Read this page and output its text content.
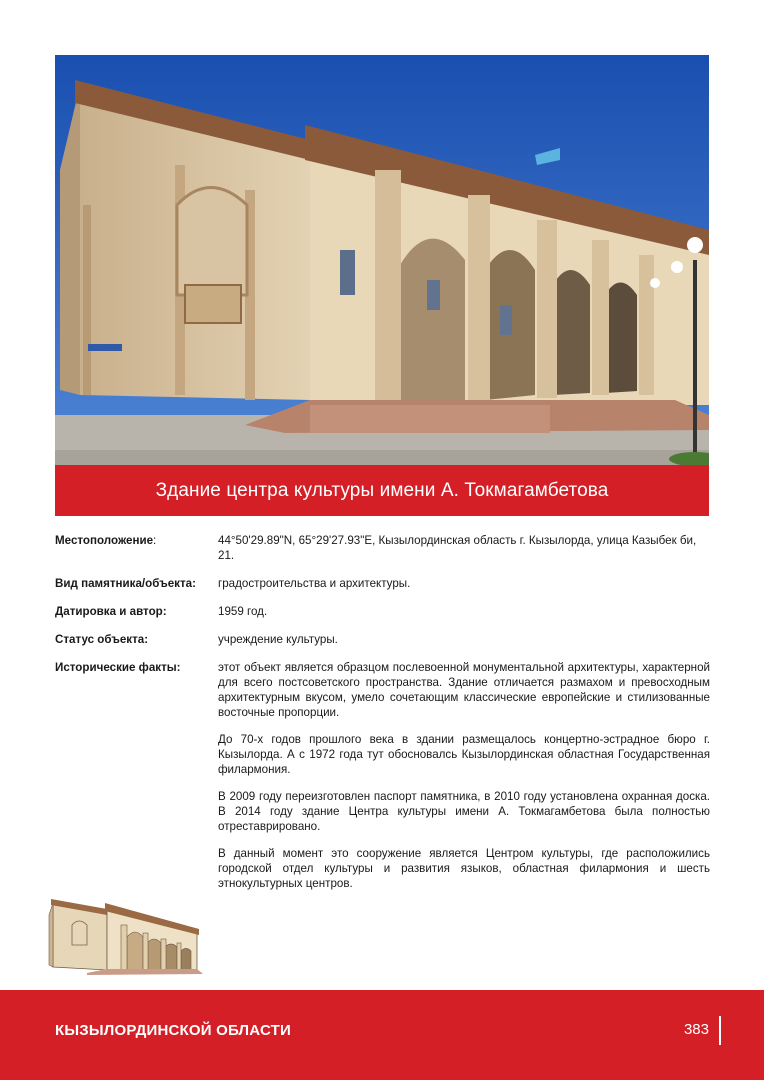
Здание центра культуры имени А. Токмагамбетова
Местоположение:	44°50'29.89"N, 65°29'27.93"E, Кызылординская область г. Кызылорда, улица Казыбек би, 21.
Вид памятника/объекта:	градостроительства и архитектуры.
Датировка и автор:	1959 год.
Статус объекта:	учреждение культуры.
Исторические факты:	этот объект является образцом послевоенной монументальной архитектуры, характерной для всего постсоветского пространства. Здание отличается размахом и превосходным архитектурным вкусом, умело сочетающим классические европейские и стилизованные восточные пропорции.

До 70-х годов прошлого века в здании размещалось концертно-эстрадное бюро г. Кызылорда. А с 1972 года тут обосновалсь Кызылординская областная Государственная филармония.

В 2009 году переизготовлен паспорт памятника, в 2010 году установлена охранная доска. В 2014 году здание Центра культуры имени А. Токмагамбетова была полностью отреставрировано.

В данный момент это сооружение является Центром культуры, где расположились городской отдел культуры и развития языков, областная филармония и шесть этнокультурных центров.

КЫЗЫЛОРДИНСКОЙ ОБЛАСТИ	383
